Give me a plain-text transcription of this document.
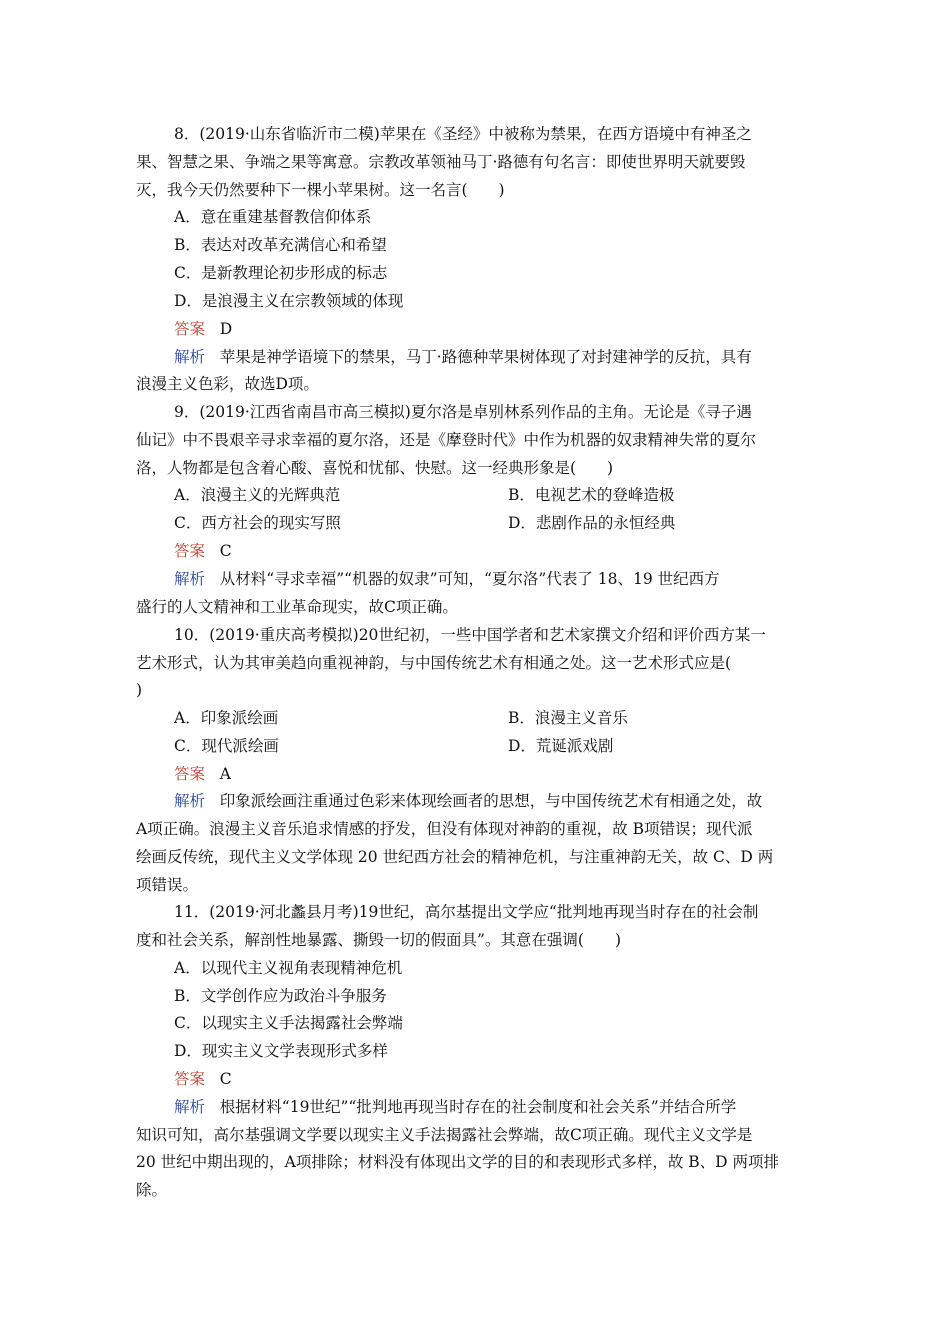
8．(2019·山东省临沂市二模)苹果在《圣经》中被称为禁果，在西方语境中有神圣之
果、智慧之果、争端之果等寓意。宗教改革领袖马丁·路德有句名言：即使世界明天就要毁
灭，我今天仍然要种下一棵小苹果树。这一名言(　　)
A．意在重建基督教信仰体系
B．表达对改革充满信心和希望
C．是新教理论初步形成的标志
D．是浪漫主义在宗教领域的体现
答案 D
解析 苹果是神学语境下的禁果，马丁·路德种苹果树体现了对封建神学的反抗，具有
浪漫主义色彩，故选D项。
9．(2019·江西省南昌市高三模拟)夏尔洛是卓别林系列作品的主角。无论是《寻子遇
仙记》中不畏艰辛寻求幸福的夏尔洛，还是《摩登时代》中作为机器的奴隶精神失常的夏尔
洛，人物都是包含着心酸、喜悦和忧郁、快慰。这一经典形象是(　　)
A．浪漫主义的光辉典范	B．电视艺术的登峰造极
C．西方社会的现实写照	D．悲剧作品的永恒经典
答案 C
解析 从材料“寻求幸福”“机器的奴隶”可知，“夏尔洛”代表了 18、19 世纪西方
盛行的人文精神和工业革命现实，故C项正确。
10．(2019·重庆高考模拟)20世纪初，一些中国学者和艺术家撰文介绍和评价西方某一
艺术形式，认为其审美趋向重视神韵，与中国传统艺术有相通之处。这一艺术形式应是(
)
A．印象派绘画	B．浪漫主义音乐
C．现代派绘画	D．荒诞派戏剧
答案 A
解析 印象派绘画注重通过色彩来体现绘画者的思想，与中国传统艺术有相通之处，故
A项正确。浪漫主义音乐追求情感的抒发，但没有体现对神韵的重视，故 B项错误；现代派
绘画反传统，现代主义文学体现 20 世纪西方社会的精神危机，与注重神韵无关，故 C、D 两
项错误。
11．(2019·河北蠡县月考)19世纪，高尔基提出文学应“批判地再现当时存在的社会制
度和社会关系，解剖性地暴露、撕毁一切的假面具”。其意在强调(　　)
A．以现代主义视角表现精神危机
B．文学创作应为政治斗争服务
C．以现实主义手法揭露社会弊端
D．现实主义文学表现形式多样
答案 C
解析 根据材料“19世纪”“批判地再现当时存在的社会制度和社会关系”并结合所学
知识可知，高尔基强调文学要以现实主义手法揭露社会弊端，故C项正确。现代主义文学是
20 世纪中期出现的，A项排除；材料没有体现出文学的目的和表现形式多样，故 B、D 两项排
除。
